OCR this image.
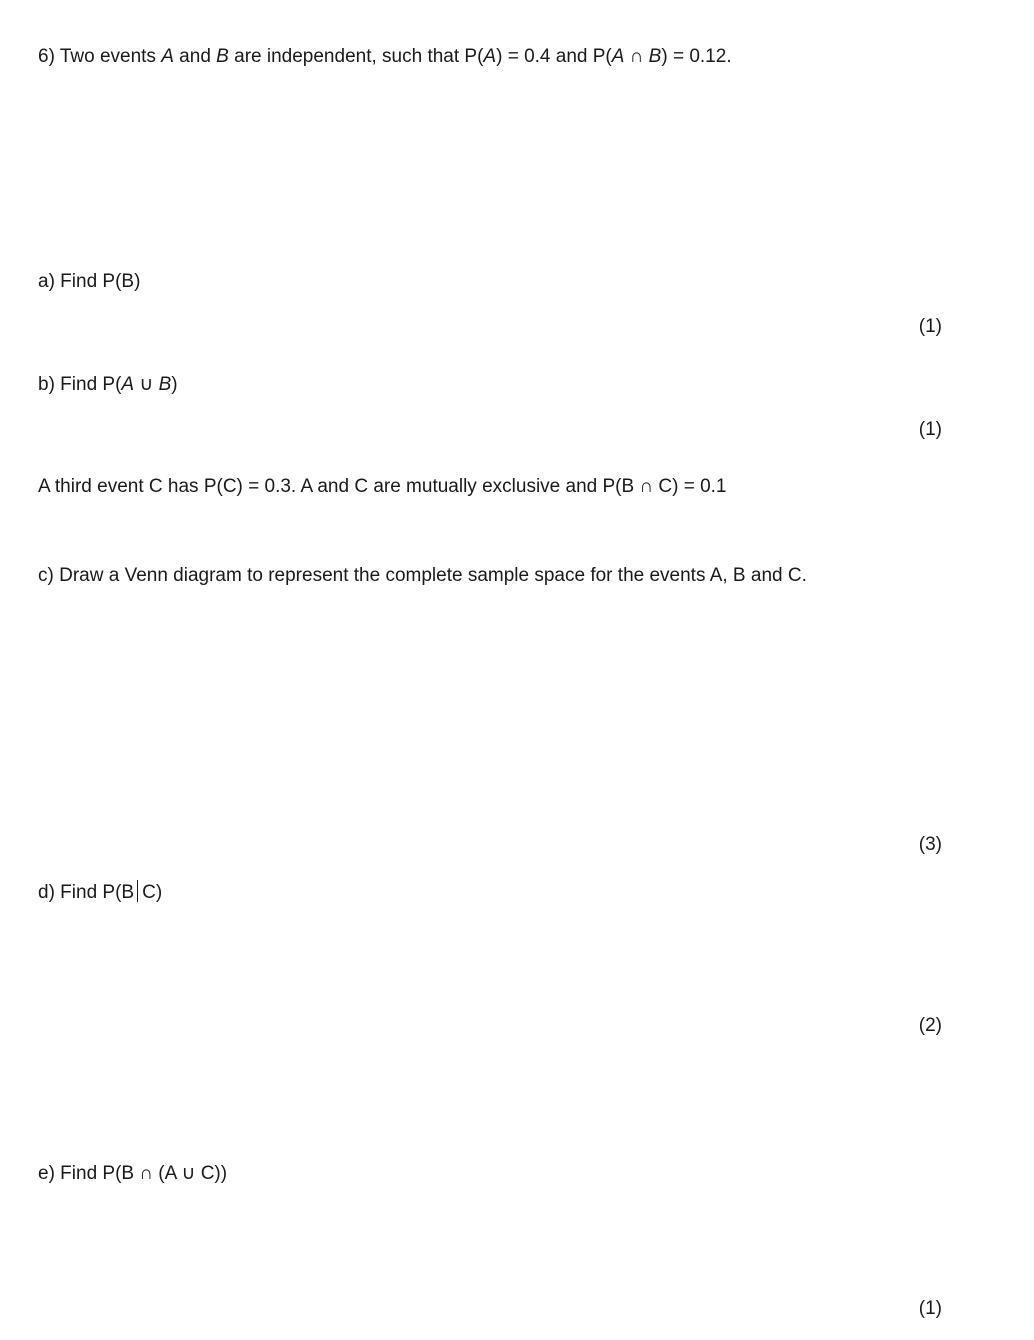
6) Two events A and B are independent, such that P(A) = 0.4 and P(A ∩ B) = 0.12.
a) Find P(B)
(1)
b) Find P(A ∪ B)
(1)
A third event C has P(C) = 0.3. A and C are mutually exclusive and P(B ∩ C) = 0.1
c) Draw a Venn diagram to represent the complete sample space for the events A, B and C.
(3)
d) Find P(B C)
(2)
e) Find P(B ∩ (A ∪ C))
(1)
